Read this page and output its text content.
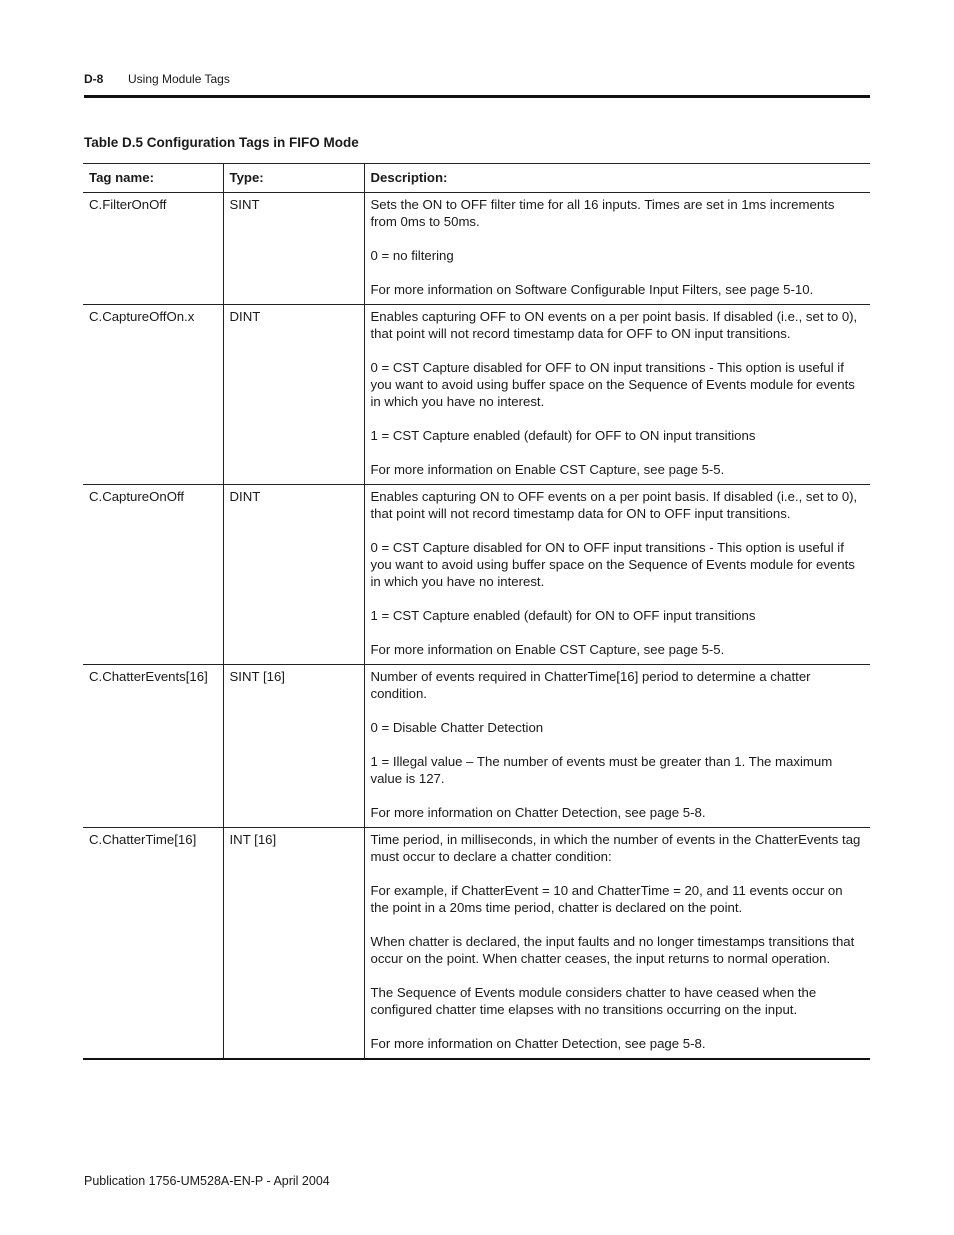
D-8 Using Module Tags
Table D.5 Configuration Tags in FIFO Mode
Tag name:	Type:	Description:
C.FilterOnOff	SINT	Sets the ON to OFF filter time for all 16 inputs. Times are set in 1ms increments from 0ms to 50ms.

0 = no filtering

For more information on Software Configurable Input Filters, see page 5-10.

C.CaptureOffOn.x	DINT	Enables capturing OFF to ON events on a per point basis. If disabled (i.e., set to 0), that point will not record timestamp data for OFF to ON input transitions.

0 = CST Capture disabled for OFF to ON input transitions - This option is useful if you want to avoid using buffer space on the Sequence of Events module for events in which you have no interest.

1 = CST Capture enabled (default) for OFF to ON input transitions

For more information on Enable CST Capture, see page 5-5.

C.CaptureOnOff	DINT	Enables capturing ON to OFF events on a per point basis. If disabled (i.e., set to 0), that point will not record timestamp data for ON to OFF input transitions.

0 = CST Capture disabled for ON to OFF input transitions - This option is useful if you want to avoid using buffer space on the Sequence of Events module for events in which you have no interest.

1 = CST Capture enabled (default) for ON to OFF input transitions

For more information on Enable CST Capture, see page 5-5.

C.ChatterEvents[16]	SINT [16]	Number of events required in ChatterTime[16] period to determine a chatter condition.

0 = Disable Chatter Detection

1 = Illegal value – The number of events must be greater than 1. The maximum value is 127.

For more information on Chatter Detection, see page 5-8.

C.ChatterTime[16]	INT [16]	Time period, in milliseconds, in which the number of events in the ChatterEvents tag must occur to declare a chatter condition:

For example, if ChatterEvent = 10 and ChatterTime = 20, and 11 events occur on the point in a 20ms time period, chatter is declared on the point.

When chatter is declared, the input faults and no longer timestamps transitions that occur on the point. When chatter ceases, the input returns to normal operation.

The Sequence of Events module considers chatter to have ceased when the configured chatter time elapses with no transitions occurring on the input.

For more information on Chatter Detection, see page 5-8.

Publication 1756-UM528A-EN-P - April 2004
